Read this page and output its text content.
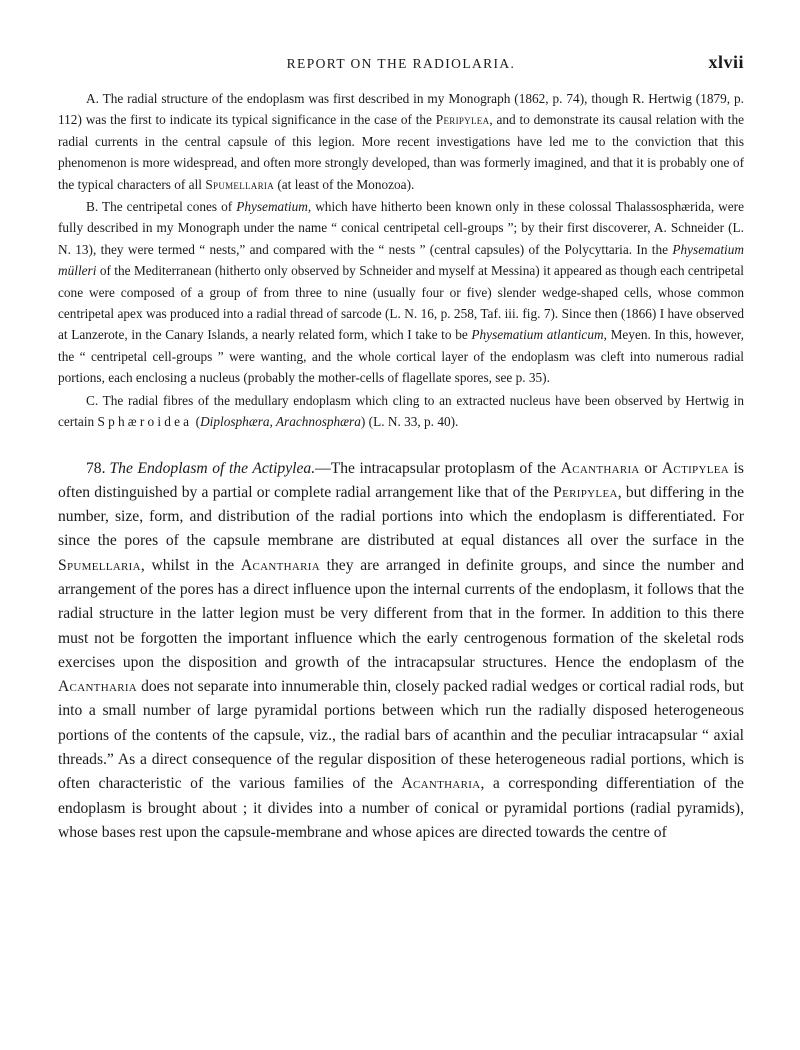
REPORT ON THE RADIOLARIA.	xlvii

A. The radial structure of the endoplasm was first described in my Monograph (1862, p. 74), though R. Hertwig (1879, p. 112) was the first to indicate its typical significance in the case of the Peripylea, and to demonstrate its causal relation with the radial currents in the central capsule of this legion. More recent investigations have led me to the conviction that this phenomenon is more widespread, and often more strongly developed, than was formerly imagined, and that it is probably one of the typical characters of all Spumellaria (at least of the Monozoa).

B. The centripetal cones of Physematium, which have hitherto been known only in these colossal Thalassosphærida, were fully described in my Monograph under the name “ conical centripetal cell-groups ”; by their first discoverer, A. Schneider (L. N. 13), they were termed “ nests,” and compared with the “ nests ” (central capsules) of the Polycyttaria. In the Physematium mülleri of the Mediterranean (hitherto only observed by Schneider and myself at Messina) it appeared as though each centripetal cone were composed of a group of from three to nine (usually four or five) slender wedge-shaped cells, whose common centripetal apex was produced into a radial thread of sarcode (L. N. 16, p. 258, Taf. iii. fig. 7). Since then (1866) I have observed at Lanzerote, in the Canary Islands, a nearly related form, which I take to be Physematium atlanticum, Meyen. In this, however, the “ centripetal cell-groups ” were wanting, and the whole cortical layer of the endoplasm was cleft into numerous radial portions, each enclosing a nucleus (probably the mother-cells of flagellate spores, see p. 35).

C. The radial fibres of the medullary endoplasm which cling to an extracted nucleus have been observed by Hertwig in certain Sphæroidea (Diplosphæra, Arachnosphæra) (L. N. 33, p. 40).

78. The Endoplasm of the Actipylea.—The intracapsular protoplasm of the Acantharia or Actipylea is often distinguished by a partial or complete radial arrangement like that of the Peripylea, but differing in the number, size, form, and distribution of the radial portions into which the endoplasm is differentiated. For since the pores of the capsule membrane are distributed at equal distances all over the surface in the Spumellaria, whilst in the Acantharia they are arranged in definite groups, and since the number and arrangement of the pores has a direct influence upon the internal currents of the endoplasm, it follows that the radial structure in the latter legion must be very different from that in the former. In addition to this there must not be forgotten the important influence which the early centrogenous formation of the skeletal rods exercises upon the disposition and growth of the intracapsular structures. Hence the endoplasm of the Acantharia does not separate into innumerable thin, closely packed radial wedges or cortical radial rods, but into a small number of large pyramidal portions between which run the radially disposed heterogeneous portions of the contents of the capsule, viz., the radial bars of acanthin and the peculiar intracapsular “ axial threads.” As a direct consequence of the regular disposition of these heterogeneous radial portions, which is often characteristic of the various families of the Acantharia, a corresponding differentiation of the endoplasm is brought about ; it divides into a number of conical or pyramidal portions (radial pyramids), whose bases rest upon the capsule-membrane and whose apices are directed towards the centre of
